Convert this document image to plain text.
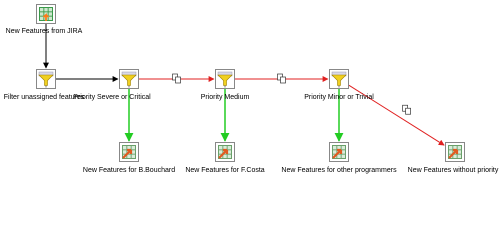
New Features from JIRA
Filter unassigned features
Priority Severe or Critical	Priority Medium	Priority Minor or Trivial
New Features for B.Bouchard New Features for F.Costa New Features for other programmers New Features without priority
